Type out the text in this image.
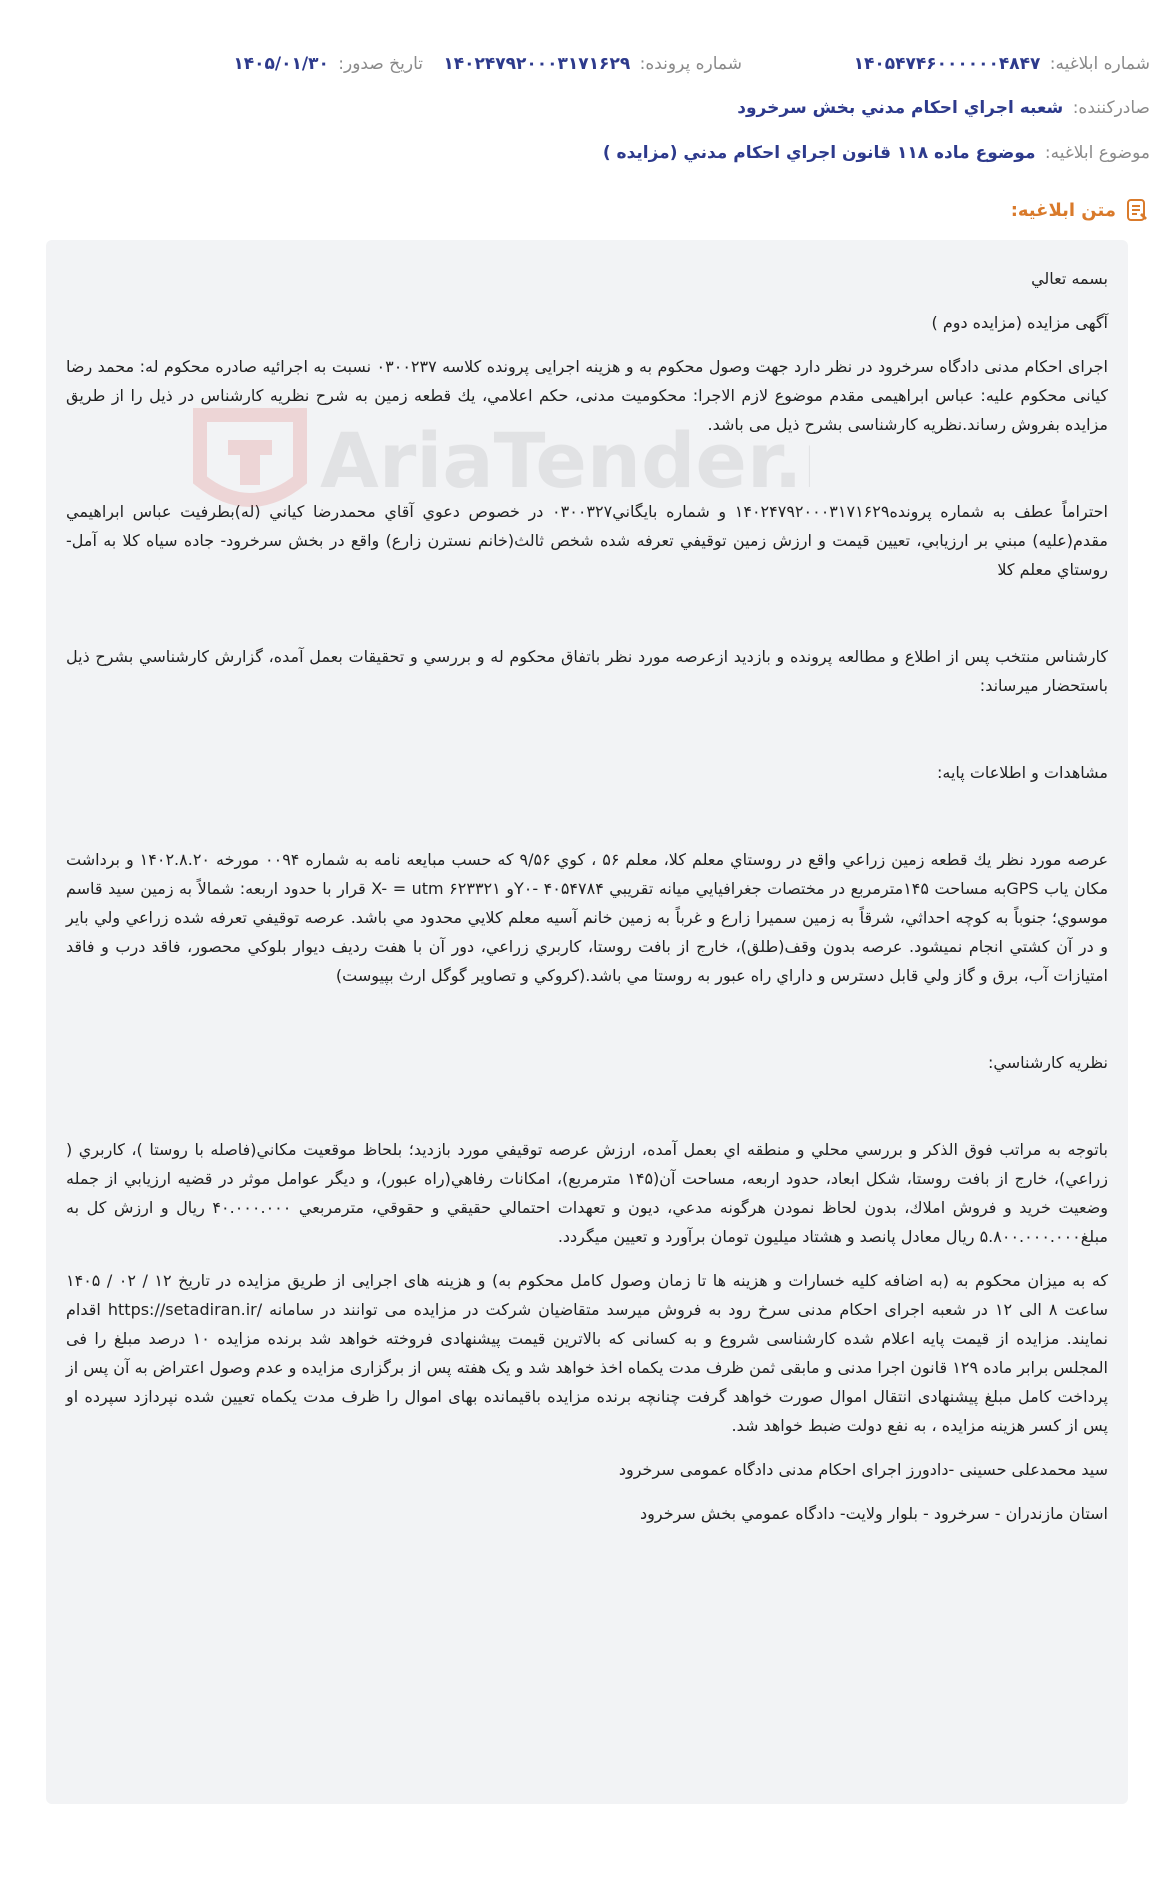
شماره ابلاغیه: ۱۴۰۵۴۷۴۶۰۰۰۰۰۰۴۸۴۷
شماره پرونده: ۱۴۰۲۴۷۹۲۰۰۰۳۱۷۱۶۲۹
تاریخ صدور: ۱۴۰۵/۰۱/۳۰
صادرکننده: شعبه اجراي احكام مدني بخش سرخرود
موضوع ابلاغیه: موضوع ماده ۱۱۸ قانون اجراي احكام مدني (مزايده )
متن ابلاغیه:

بسمه تعالي

آگهی مزایده (مزایده دوم )

اجرای احکام مدنی دادگاه سرخرود در نظر دارد جهت وصول محکوم به و هزینه اجرایی پرونده کلاسه ۰۳۰۰۲۳۷ نسبت به اجرائیه صادره محکوم له: محمد رضا کیانی محکوم علیه: عباس ابراهیمی مقدم موضوع لازم الاجرا: محکومیت مدنی، حکم اعلامي، يك قطعه زمين به شرح نظریه کارشناس در ذیل را از طریق مزایده بفروش رساند.نظریه کارشناسی بشرح ذیل می باشد.

احتراماً عطف به شماره پرونده۱۴۰۲۴۷۹۲۰۰۰۳۱۷۱۶۲۹ و شماره بايگاني۰۳۰۰۳۲۷ در خصوص دعوي آقاي محمدرضا كياني (له)بطرفيت عباس ابراهيمي مقدم(عليه) مبني بر ارزيابي، تعيين قيمت و ارزش زمين توقيفي تعرفه شده شخص ثالث(خانم نسترن زارع) واقع در بخش سرخرود- جاده سياه كلا به آمل- روستاي معلم كلا

كارشناس منتخب پس از اطلاع و مطالعه پرونده و بازديد ازعرصه مورد نظر باتفاق محكوم له و بررسي و تحقيقات بعمل آمده، گزارش كارشناسي بشرح ذيل باستحضار ميرساند:

مشاهدات و اطلاعات پايه:

عرصه مورد نظر يك قطعه زمين زراعي واقع در روستاي معلم كلا، معلم ۵۶ ، كوي ۹/۵۶ كه حسب مبايعه نامه به شماره ۰۰۹۴ مورخه ۱۴۰۲.۸.۲۰ و برداشت مكان ياب GPSبه مساحت ۱۴۵مترمربع در مختصات جغرافيايي ميانه تقريبي ۴۰۵۴۷۸۴ -Y۰و ۶۲۳۳۲۱ X- = utm قرار با حدود اربعه: شمالاً به زمين سيد قاسم موسوي؛ جنوباً به كوچه احداثي، شرقاً به زمين سميرا زارع و غرباً به زمين خانم آسيه معلم كلايي محدود مي باشد. عرصه توقيفي تعرفه شده زراعي ولي باير و در آن كشتي انجام نميشود. عرصه بدون وقف(طلق)، خارج از بافت روستا، كاربري زراعي، دور آن با هفت رديف ديوار بلوكي محصور، فاقد درب و فاقد امتيازات آب، برق و گاز ولي قابل دسترس و داراي راه عبور به روستا مي باشد.(كروكي و تصاوير گوگل ارث بپيوست)

نظريه كارشناسي:

باتوجه به مراتب فوق الذكر و بررسي محلي و منطقه اي بعمل آمده، ارزش عرصه توقيفي مورد بازديد؛ بلحاظ موقعيت مكاني(فاصله با روستا )، كاربري ( زراعي)، خارج از بافت روستا، شكل ابعاد، حدود اربعه، مساحت آن(۱۴۵ مترمربع)، امكانات رفاهي(راه عبور)، و ديگر عوامل موثر در قضيه ارزيابي از جمله وضعيت خريد و فروش املاك، بدون لحاظ نمودن هرگونه مدعي، ديون و تعهدات احتمالي حقيقي و حقوقي، مترمربعي ۴۰.۰۰۰.۰۰۰ ريال و ارزش كل به مبلغ۵.۸۰۰.۰۰۰.۰۰۰ ريال معادل پانصد و هشتاد ميليون تومان برآورد و تعيين ميگردد.

که به میزان محکوم به (به اضافه کلیه خسارات و هزینه ها تا زمان وصول کامل محکوم به) و هزینه های اجرایی از طریق مزایده در تاریخ ۱۲ / ۰۲ / ۱۴۰۵ ساعت ۸ الی ۱۲ در شعبه اجرای احکام مدنی سرخ رود به فروش میرسد متقاضیان شرکت در مزایده می توانند در سامانه /https://setadiran.ir اقدام نمایند. مزایده از قیمت پایه اعلام شده کارشناسی شروع و به کسانی که بالاترین قیمت پیشنهادی فروخته خواهد شد برنده مزایده ۱۰ درصد مبلغ را فی المجلس برابر ماده ۱۲۹ قانون اجرا مدنی و مابقی ثمن ظرف مدت یکماه اخذ خواهد شد و یک هفته پس از برگزاری مزایده و عدم وصول اعتراض به آن پس از پرداخت کامل مبلغ پیشنهادی انتقال اموال صورت خواهد گرفت چنانچه برنده مزایده باقیمانده بهای اموال را ظرف مدت یکماه تعیین شده نپردازد سپرده او پس از کسر هزینه مزایده ، به نفع دولت ضبط خواهد شد.

سید محمدعلی حسینی -دادورز اجرای احکام مدنی دادگاه عمومی سرخرود

استان مازندران - سرخرود - بلوار ولايت- دادگاه عمومي بخش سرخرود
